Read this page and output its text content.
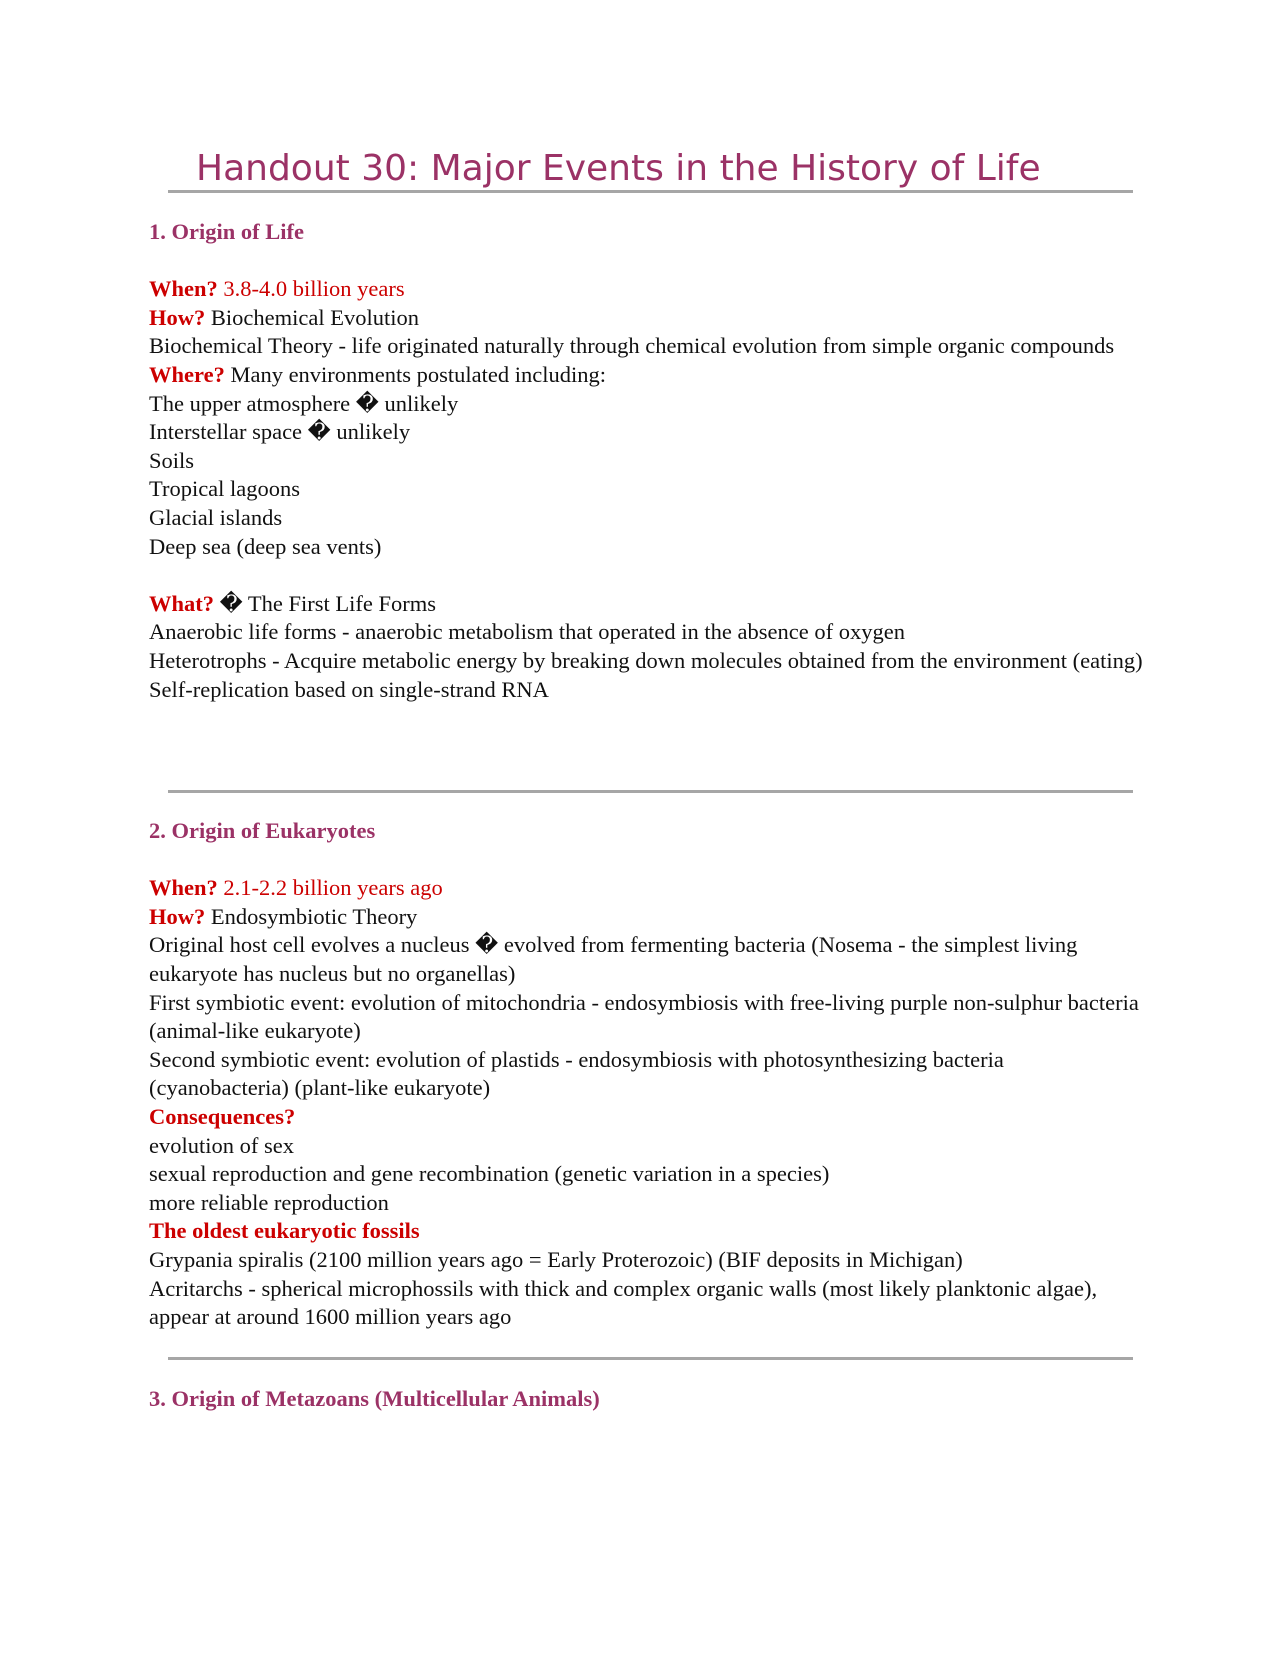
Handout 30: Major Events in the History of Life

1. Origin of Life

When? 3.8-4.0 billion years

How? Biochemical Evolution

Biochemical Theory - life originated naturally through chemical evolution from simple organic compounds

Where? Many environments postulated including:

The upper atmosphere � unlikely

Interstellar space � unlikely

Soils

Tropical lagoons

Glacial islands

Deep sea (deep sea vents)

What? � The First Life Forms

Anaerobic life forms - anaerobic metabolism that operated in the absence of oxygen

Heterotrophs - Acquire metabolic energy by breaking down molecules obtained from the environment (eating)

Self-replication based on single-strand RNA

2. Origin of Eukaryotes

When? 2.1-2.2 billion years ago

How? Endosymbiotic Theory

Original host cell evolves a nucleus � evolved from fermenting bacteria (Nosema - the simplest living eukaryote has nucleus but no organellas)

First symbiotic event: evolution of mitochondria - endosymbiosis with free-living purple non-sulphur bacteria (animal-like eukaryote)

Second symbiotic event: evolution of plastids - endosymbiosis with photosynthesizing bacteria (cyanobacteria) (plant-like eukaryote)

Consequences?

evolution of sex

sexual reproduction and gene recombination (genetic variation in a species)

more reliable reproduction

The oldest eukaryotic fossils

Grypania spiralis (2100 million years ago = Early Proterozoic) (BIF deposits in Michigan)

Acritarchs - spherical microphossils with thick and complex organic walls (most likely planktonic algae), appear at around 1600 million years ago

3. Origin of Metazoans (Multicellular Animals)
